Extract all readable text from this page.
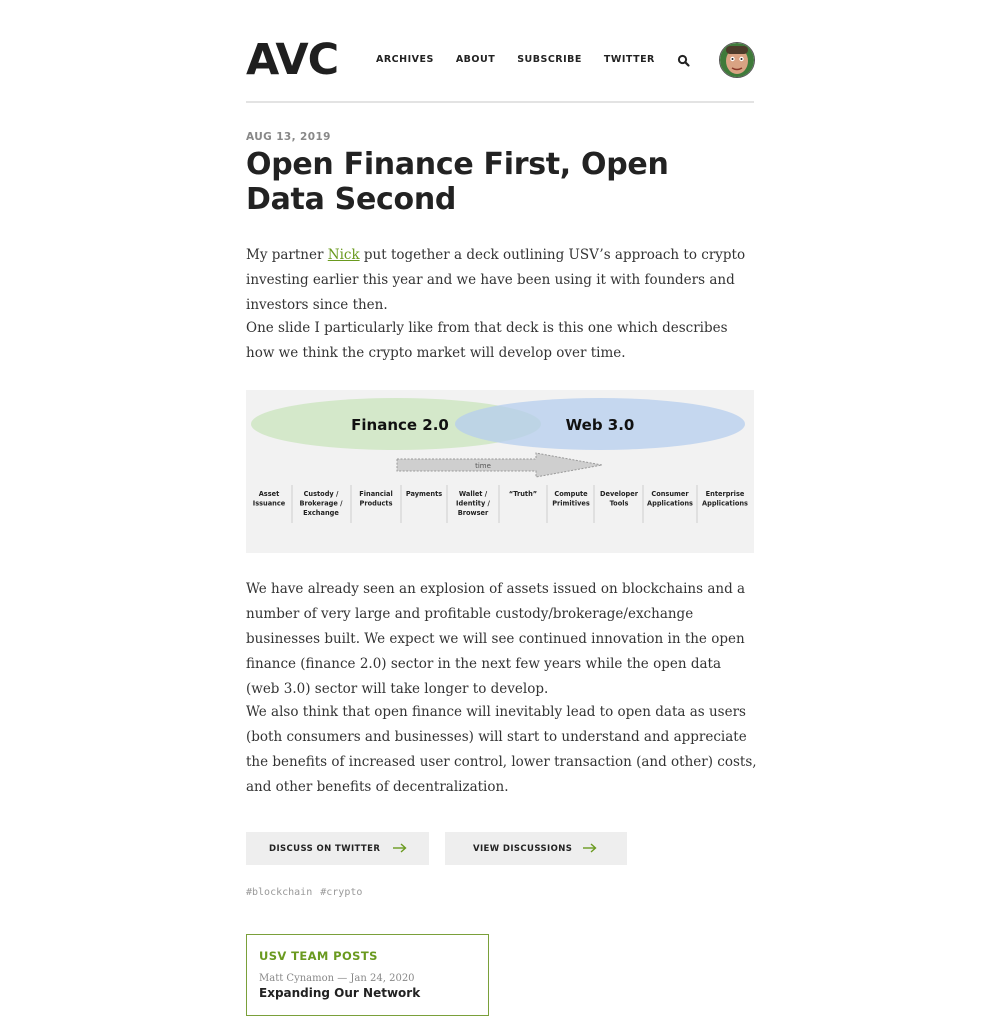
AVC	ARCHIVES ABOUT SUBSCRIBE TWITTER
AUG 13, 2019
Open Finance First, Open Data Second

My partner Nick put together a deck outlining USV’s approach to crypto investing earlier this year and we have been using it with founders and investors since then.

One slide I particularly like from that deck is this one which describes how we think the crypto market will develop over time.

Finance 2.0	Web 3.0
time
Asset
Issuance
Custody /
Brokerage /
Exchange
Financial
Products
Payments	Wallet /
Identity /
Browser
“Truth”	Compute
Primitives
Developer
Tools
Consumer
Applications
Enterprise
Applications

We have already seen an explosion of assets issued on blockchains and a number of very large and profitable custody/brokerage/exchange businesses built. We expect we will see continued innovation in the open finance (finance 2.0) sector in the next few years while the open data (web 3.0) sector will take longer to develop.

We also think that open finance will inevitably lead to open data as users (both consumers and businesses) will start to understand and appreciate the benefits of increased user control, lower transaction (and other) costs, and other benefits of decentralization.

DISCUSS ON TWITTER	VIEW DISCUSSIONS
#blockchain #crypto
USV TEAM POSTS
Matt Cynamon — Jan 24, 2020
Expanding Our Network
